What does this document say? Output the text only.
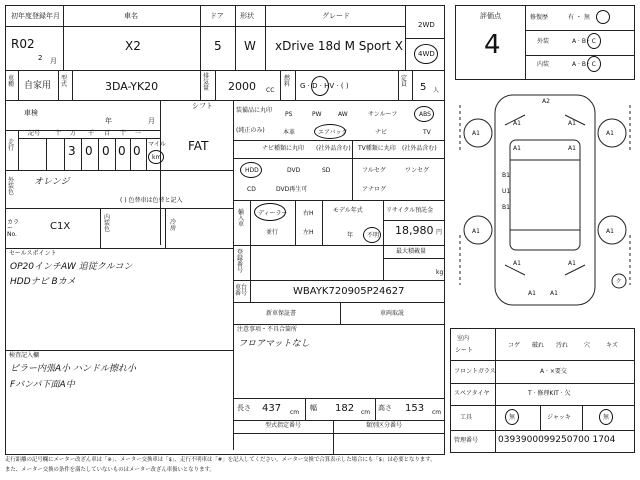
初年度登録年月	車名	ドア 形状	グレード
2WD
4WD
R02
2 月
X2	5 W xDrive 18d M Sport X
車種 自家用
型式	3DA-YK20
排気量 2000 CC
燃料 G · D · HV · ( )
定員 5 人
車検
シフト
年	月
走行
記号 十 万 千 百 十 一
3 0 0 0 0 マイル
km
FAT
外装色
オレンジ
( ) 色替車は色替と記入
カラーNo.
C1X
内装色
冷房
装備品に丸印
(純正のみ)
PS	PW	AW	サンルーフ	ABS
本革	エアバック	ナビ	TV
ナビ種類に丸印 (社外品含む) TV種類に丸印 (社外品含む)
HDD	DVD	SD
CD	DVD再生可
フルセグ	ワンセグ
アナログ
輸入車
ディーラー
並行
右H
左H
モデル年式
年 不明
リサイクル預託金
18,980 円
最大積載量
kg
登録番号
車台番号	WBAYK720905P24627
新車保証書	車両取説
注意事項・不具合箇所
フロアマットなし
セールスポイント
OP20インチAW 追従クルコン
HDDナビ Bカメ
検査記入欄
ピラー内張A小 ハンドル擦れ小
Fバンパ下面A中
長さ 437 cm
幅 182 cm
高さ 153 cm
型式指定番号	類別区分番号
評価点
4
修復歴	有 ・ 無
外装	A · B · C
内装	A · B · C
A2
A1	A1
A1	A1
A1
A1	A1
A1
B1
U1
B1
A1	A1
A1 A1
ケ
室内
シート
コゲ 破れ 汚れ	穴	キズ
フロントガラス	A · ×要交
スペアタイヤ	T · 修理KIT · 欠
工具	無	ジャッキ	無
管理番号 0393900099250700 1704
走行距離の記号欄にメーター改ざん車は「※」、メーター交換車は「$」、走行不明車は「#」を記入してください。メーター交換で合算表示した場合にも「$」は必要となります。
また、メーター交換の条件を満たしていないものはメーター改ざん車扱いとなります。
